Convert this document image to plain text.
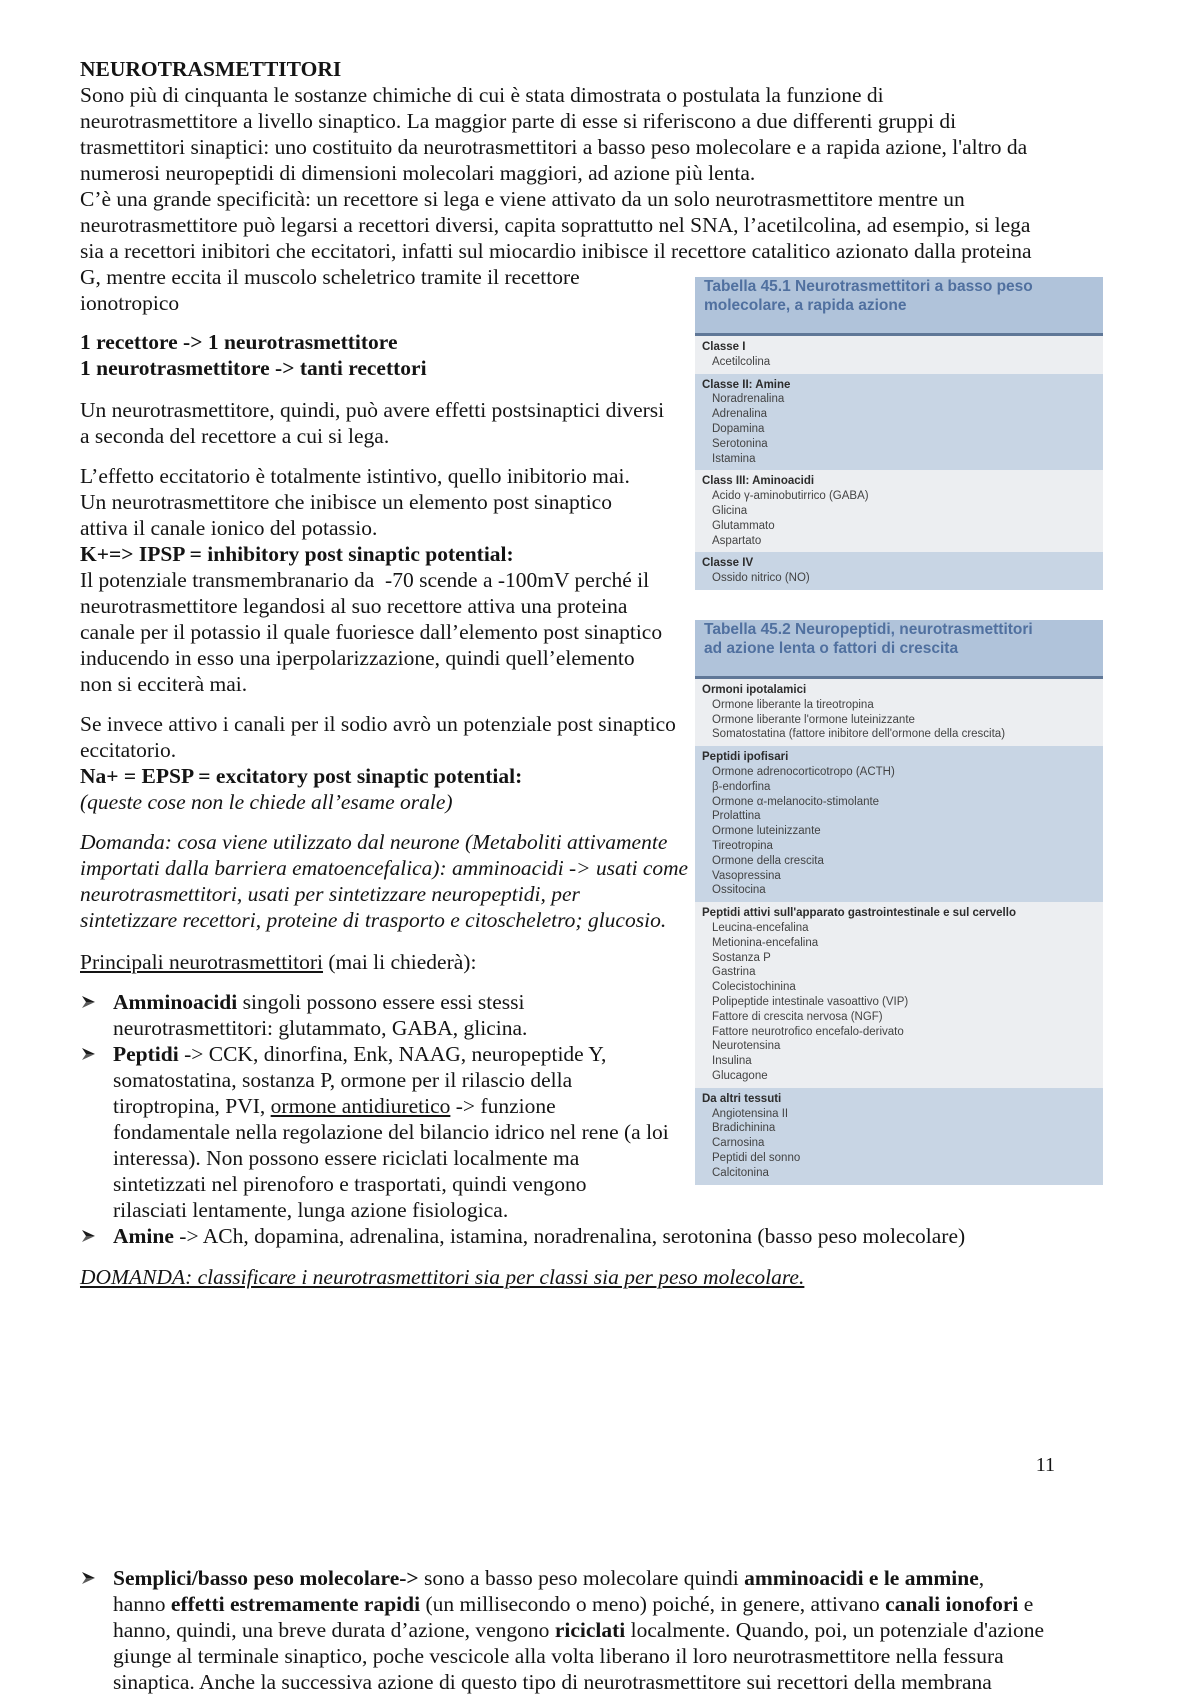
NEUROTRASMETTITORI
Sono più di cinquanta le sostanze chimiche di cui è stata dimostrata o postulata la funzione di
neurotrasmettitore a livello sinaptico. La maggior parte di esse si riferiscono a due differenti gruppi di
trasmettitori sinaptici: uno costituito da neurotrasmettitori a basso peso molecolare e a rapida azione, l'altro da
numerosi neuropeptidi di dimensioni molecolari maggiori, ad azione più lenta.
C’è una grande specificità: un recettore si lega e viene attivato da un solo neurotrasmettitore mentre un
neurotrasmettitore può legarsi a recettori diversi, capita soprattutto nel SNA, l’acetilcolina, ad esempio, si lega
sia a recettori inibitori che eccitatori, infatti sul miocardio inibisce il recettore catalitico azionato dalla proteina
G, mentre eccita il muscolo scheletrico tramite il recettore
ionotropico
1 recettore -> 1 neurotrasmettitore
1 neurotrasmettitore -> tanti recettori
Un neurotrasmettitore, quindi, può avere effetti postsinaptici diversi
a seconda del recettore a cui si lega.
L’effetto eccitatorio è totalmente istintivo, quello inibitorio mai.
Un neurotrasmettitore che inibisce un elemento post sinaptico
attiva il canale ionico del potassio.
K+=> IPSP = inhibitory post sinaptic potential:
Il potenziale transmembranario da  -70 scende a -100mV perché il
neurotrasmettitore legandosi al suo recettore attiva una proteina
canale per il potassio il quale fuoriesce dall’elemento post sinaptico
inducendo in esso una iperpolarizzazione, quindi quell’elemento
non si ecciterà mai.
Se invece attivo i canali per il sodio avrò un potenziale post sinaptico
eccitatorio.
Na+ = EPSP = excitatory post sinaptic potential:
(queste cose non le chiede all’esame orale)
Domanda: cosa viene utilizzato dal neurone (Metaboliti attivamente
importati dalla barriera ematoencefalica): amminoacidi -> usati come
neurotrasmettitori, usati per sintetizzare neuropeptidi, per
sintetizzare recettori, proteine di trasporto e citoscheletro; glucosio.
Principali neurotrasmettitori (mai li chiederà):
Amminoacidi singoli possono essere essi stessi
neurotrasmettitori: glutammato, GABA, glicina.
Peptidi -> CCK, dinorfina, Enk, NAAG, neuropeptide Y,
somatostatina, sostanza P, ormone per il rilascio della
tiroptropina, PVI, ormone antidiuretico -> funzione
fondamentale nella regolazione del bilancio idrico nel rene (a loi
interessa). Non possono essere riciclati localmente ma
sintetizzati nel pirenoforo e trasportati, quindi vengono
rilasciati lentamente, lunga azione fisiologica.
Amine -> ACh, dopamina, adrenalina, istamina, noradrenalina, serotonina (basso peso molecolare)
DOMANDA: classificare i neurotrasmettitori sia per classi sia per peso molecolare.
Semplici/basso peso molecolare-> sono a basso peso molecolare quindi amminoacidi e le ammine,
hanno effetti estremamente rapidi (un millisecondo o meno) poiché, in genere, attivano canali ionofori e
hanno, quindi, una breve durata d’azione, vengono riciclati localmente. Quando, poi, un potenziale d'azione
giunge al terminale sinaptico, poche vescicole alla volta liberano il loro neurotrasmettitore nella fessura
sinaptica. Anche la successiva azione di questo tipo di neurotrasmettitore sui recettori della membrana
11
Tabella 45.1 Neurotrasmettitori a basso peso
molecolare, a rapida azione
Classe I
Acetilcolina
Classe II: Amine
Noradrenalina
Adrenalina
Dopamina
Serotonina
Istamina
Class III: Aminoacidi
Acido γ-aminobutirrico (GABA)
Glicina
Glutammato
Aspartato
Classe IV
Ossido nitrico (NO)
Tabella 45.2 Neuropeptidi, neurotrasmettitori
ad azione lenta o fattori di crescita
Ormoni ipotalamici
Ormone liberante la tireotropina
Ormone liberante l'ormone luteinizzante
Somatostatina (fattore inibitore dell'ormone della crescita)
Peptidi ipofisari
Ormone adrenocorticotropo (ACTH)
β-endorfina
Ormone α-melanocito-stimolante
Prolattina
Ormone luteinizzante
Tireotropina
Ormone della crescita
Vasopressina
Ossitocina
Peptidi attivi sull'apparato gastrointestinale e sul cervello
Leucina-encefalina
Metionina-encefalina
Sostanza P
Gastrina
Colecistochinina
Polipeptide intestinale vasoattivo (VIP)
Fattore di crescita nervosa (NGF)
Fattore neurotrofico encefalo-derivato
Neurotensina
Insulina
Glucagone
Da altri tessuti
Angiotensina II
Bradichinina
Carnosina
Peptidi del sonno
Calcitonina
